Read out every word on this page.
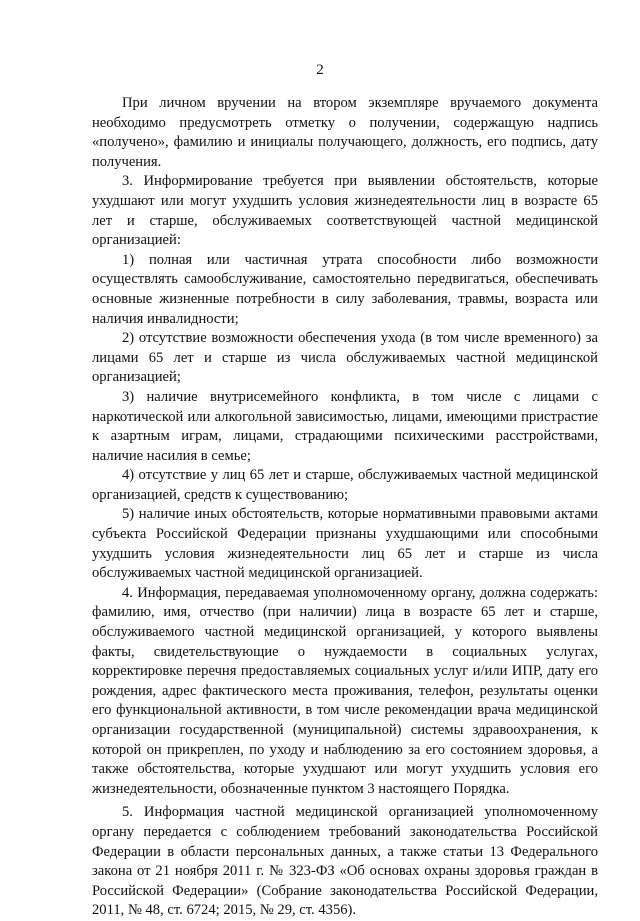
2

При личном вручении на втором экземпляре вручаемого документа необходимо предусмотреть отметку о получении, содержащую надпись «получено», фамилию и инициалы получающего, должность, его подпись, дату получения.

3. Информирование требуется при выявлении обстоятельств, которые ухудшают или могут ухудшить условия жизнедеятельности лиц в возрасте 65 лет и старше, обслуживаемых соответствующей частной медицинской организацией:

1) полная или частичная утрата способности либо возможности осуществлять самообслуживание, самостоятельно передвигаться, обеспечивать основные жизненные потребности в силу заболевания, травмы, возраста или наличия инвалидности;

2) отсутствие возможности обеспечения ухода (в том числе временного) за лицами 65 лет и старше из числа обслуживаемых частной медицинской организацией;

3) наличие внутрисемейного конфликта, в том числе с лицами с наркотической или алкогольной зависимостью, лицами, имеющими пристрастие к азартным играм, лицами, страдающими психическими расстройствами, наличие насилия в семье;

4) отсутствие у лиц 65 лет и старше, обслуживаемых частной медицинской организацией, средств к существованию;

5) наличие иных обстоятельств, которые нормативными правовыми актами субъекта Российской Федерации признаны ухудшающими или способными ухудшить условия жизнедеятельности лиц 65 лет и старше из числа обслуживаемых частной медицинской организацией.

4. Информация, передаваемая уполномоченному органу, должна содержать: фамилию, имя, отчество (при наличии) лица в возрасте 65 лет и старше, обслуживаемого частной медицинской организацией, у которого выявлены факты, свидетельствующие о нуждаемости в социальных услугах, корректировке перечня предоставляемых социальных услуг и/или ИПР, дату его рождения, адрес фактического места проживания, телефон, результаты оценки его функциональной активности, в том числе рекомендации врача медицинской организации государственной (муниципальной) системы здравоохранения, к которой он прикреплен, по уходу и наблюдению за его состоянием здоровья, а также обстоятельства, которые ухудшают или могут ухудшить условия его жизнедеятельности, обозначенные пунктом 3 настоящего Порядка.

5. Информация частной медицинской организацией уполномоченному органу передается с соблюдением требований законодательства Российской Федерации в области персональных данных, а также статьи 13 Федерального закона от 21 ноября 2011 г. № 323-ФЗ «Об основах охраны здоровья граждан в Российской Федерации» (Собрание законодательства Российской Федерации, 2011, № 48, ст. 6724; 2015, № 29, ст. 4356).
